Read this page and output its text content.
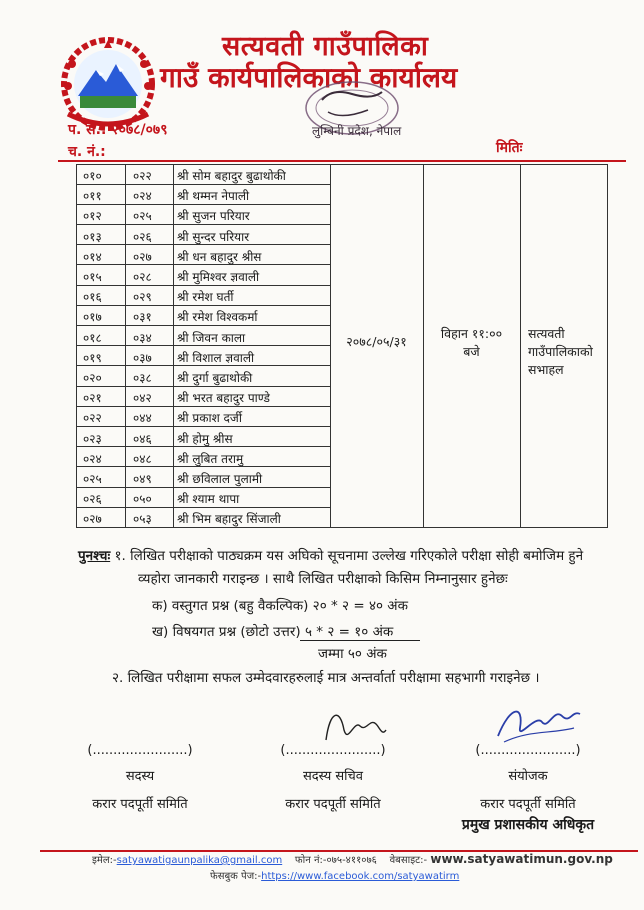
सत्यवती गाउँपालिका
गाउँ कार्यपालिकाको कार्यालय
लुम्बिनी प्रदेश, नेपाल
प. सं.: २०७८/०७९
च. नं.:	मितिः
०१०	०२२ श्री सोम बहादुर बुढाथोकी
०११	०२४ श्री थम्मन नेपाली
०१२	०२५ श्री सुजन परियार
०१३	०२६ श्री सुन्दर परियार
०१४	०२७ श्री धन बहादुर श्रीस
०१५	०२८ श्री मुमिश्वर ज्ञवाली
०१६	०२९ श्री रमेश घर्ती
०१७	०३१ श्री रमेश विश्वकर्मा
०१८	०३४ श्री जिवन काला
०१९	०३७ श्री विशाल ज्ञवाली
०२०	०३८ श्री दुर्गा बुढाथोकी
०२१	०४२ श्री भरत बहादुर पाण्डे
०२२	०४४ श्री प्रकाश दर्जी
०२३	०४६ श्री होमु श्रीस
०२४	०४८ श्री लुबित तरामु
०२५	०४९ श्री छविलाल पुलामी
०२६	०५० श्री श्याम थापा
०२७	०५३ श्री भिम बहादुर सिंजाली
२०७८/०५/३१
विहान ११:००
बजे
सत्यवती
गाउँपालिकाको
सभाहल
पुनश्चः १. लिखित परीक्षाको पाठ्यक्रम यस अघिको सूचनामा उल्लेख गरिएकोले परीक्षा सोही बमोजिम हुने
व्यहोरा जानकारी गराइन्छ । साथै लिखित परीक्षाको किसिम निम्नानुसार हुनेछः
क) वस्तुगत प्रश्न (बहु वैकल्पिक) २० * २ = ४० अंक
ख) विषयगत प्रश्न (छोटो उत्तर) ५ * २ = १० अंक
जम्मा ५० अंक
२. लिखित परीक्षामा सफल उम्मेदवारहरुलाई मात्र अन्तर्वार्ता परीक्षामा सहभागी गराइनेछ ।
(.......................)
सदस्य
करार पदपूर्ती समिति
(.......................)
सदस्य सचिव
करार पदपूर्ती समिति
(.......................)
संयोजक
करार पदपूर्ती समिति
प्रमुख प्रशासकीय अधिकृत
इमेल:-satyawatigaunpalika@gmail.com फोन नं:-०७५-४११०७६ वेबसाइट:- www.satyawatimun.gov.np
फेसबुक पेज:-https://www.facebook.com/satyawatirm
